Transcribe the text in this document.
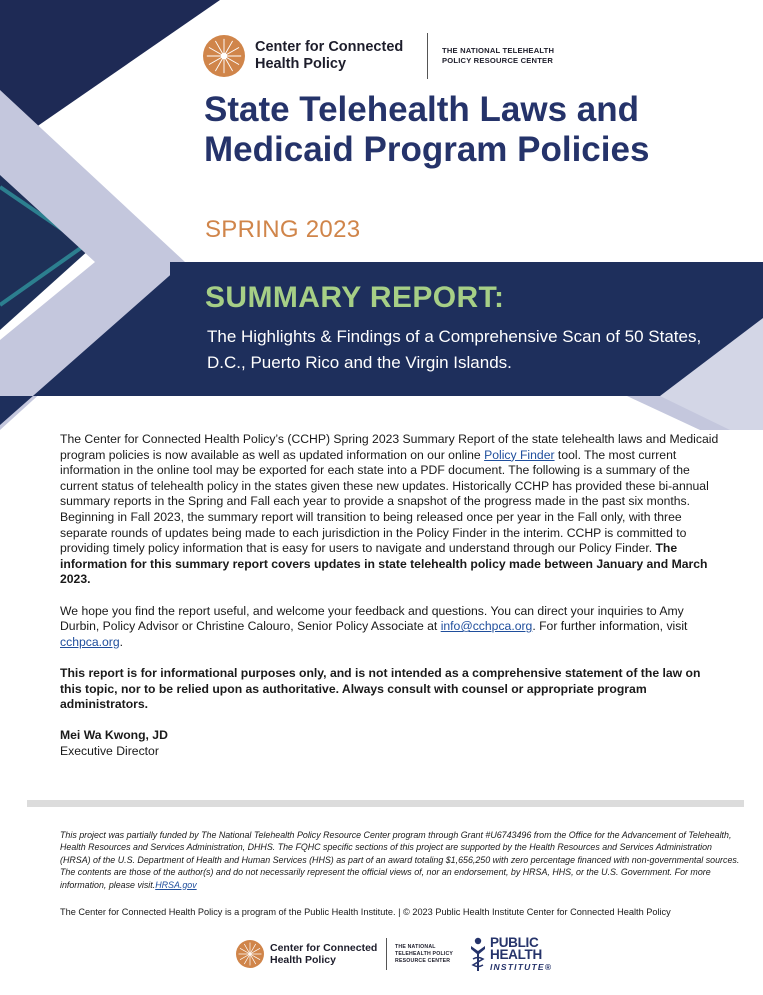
Center for Connected Health Policy
THE NATIONAL TELEHEALTH POLICY RESOURCE CENTER
State Telehealth Laws and Medicaid Program Policies
SPRING 2023
SUMMARY REPORT:
The Highlights & Findings of a Comprehensive Scan of 50 States, D.C., Puerto Rico and the Virgin Islands.

The Center for Connected Health Policy’s (CCHP) Spring 2023 Summary Report of the state telehealth laws and Medicaid program policies is now available as well as updated information on our online Policy Finder tool. The most current information in the online tool may be exported for each state into a PDF document. The following is a summary of the current status of telehealth policy in the states given these new updates. Historically CCHP has provided these bi-annual summary reports in the Spring and Fall each year to provide a snapshot of the progress made in the past six months. Beginning in Fall 2023, the summary report will transition to being released once per year in the Fall only, with three separate rounds of updates being made to each jurisdiction in the Policy Finder in the interim. CCHP is committed to providing timely policy information that is easy for users to navigate and understand through our Policy Finder. The information for this summary report covers updates in state telehealth policy made between January and March 2023.

We hope you find the report useful, and welcome your feedback and questions. You can direct your inquiries to Amy Durbin, Policy Advisor or Christine Calouro, Senior Policy Associate at info@cchpca.org. For further information, visit cchpca.org.

This report is for informational purposes only, and is not intended as a comprehensive statement of the law on this topic, nor to be relied upon as authoritative. Always consult with counsel or appropriate program administrators.

Mei Wa Kwong, JD
Executive Director
This project was partially funded by The National Telehealth Policy Resource Center program through Grant #U6743496 from the Office for the Advancement of Telehealth, Health Resources and Services Administration, DHHS. The FQHC specific sections of this project are supported by the Health Resources and Services Administration (HRSA) of the U.S. Department of Health and Human Services (HHS) as part of an award totaling $1,656,250 with zero percentage financed with non-governmental sources. The contents are those of the author(s) and do not necessarily represent the official views of, nor an endorsement, by HRSA, HHS, or the U.S. Government. For more information, please visit.HRSA.gov
The Center for Connected Health Policy is a program of the Public Health Institute. | © 2023 Public Health Institute Center for Connected Health Policy
Center for Connected Health Policy
THE NATIONAL TELEHEALTH POLICY RESOURCE CENTER
PUBLIC
HEALTH
INSTITUTE®
